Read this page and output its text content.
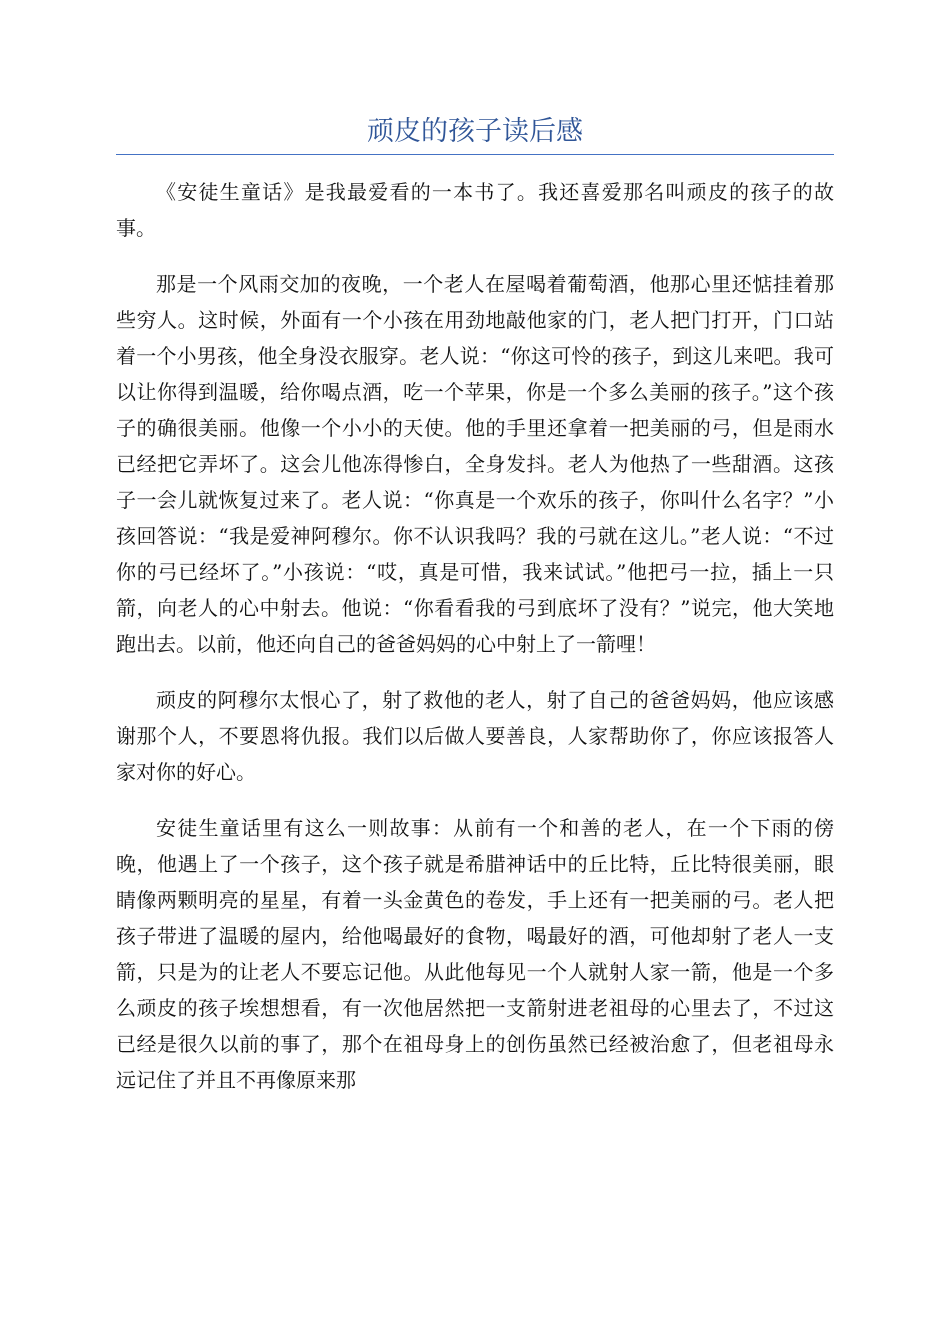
顽皮的孩子读后感

《安徒生童话》是我最爱看的一本书了。我还喜爱那名叫顽皮的孩子的故事。

那是一个风雨交加的夜晚，一个老人在屋喝着葡萄酒，他那心里还惦挂着那些穷人。这时候，外面有一个小孩在用劲地敲他家的门，老人把门打开，门口站着一个小男孩，他全身没衣服穿。老人说：“你这可怜的孩子，到这儿来吧。我可以让你得到温暖，给你喝点酒，吃一个苹果，你是一个多么美丽的孩子。”这个孩子的确很美丽。他像一个小小的天使。他的手里还拿着一把美丽的弓，但是雨水已经把它弄坏了。这会儿他冻得惨白，全身发抖。老人为他热了一些甜酒。这孩子一会儿就恢复过来了。老人说：“你真是一个欢乐的孩子，你叫什么名字？”小孩回答说：“我是爱神阿穆尔。你不认识我吗？我的弓就在这儿。”老人说：“不过你的弓已经坏了。”小孩说：“哎，真是可惜，我来试试。”他把弓一拉，插上一只箭，向老人的心中射去。他说：“你看看我的弓到底坏了没有？”说完，他大笑地跑出去。以前，他还向自己的爸爸妈妈的心中射上了一箭哩！

顽皮的阿穆尔太恨心了，射了救他的老人，射了自己的爸爸妈妈，他应该感谢那个人，不要恩将仇报。我们以后做人要善良，人家帮助你了，你应该报答人家对你的好心。

安徒生童话里有这么一则故事：从前有一个和善的老人，在一个下雨的傍晚，他遇上了一个孩子，这个孩子就是希腊神话中的丘比特，丘比特很美丽，眼睛像两颗明亮的星星，有着一头金黄色的卷发，手上还有一把美丽的弓。老人把孩子带进了温暖的屋内，给他喝最好的食物，喝最好的酒，可他却射了老人一支箭，只是为的让老人不要忘记他。从此他每见一个人就射人家一箭，他是一个多么顽皮的孩子埃想想看，有一次他居然把一支箭射进老祖母的心里去了，不过这已经是很久以前的事了，那个在祖母身上的创伤虽然已经被治愈了，但老祖母永远记住了并且不再像原来那
